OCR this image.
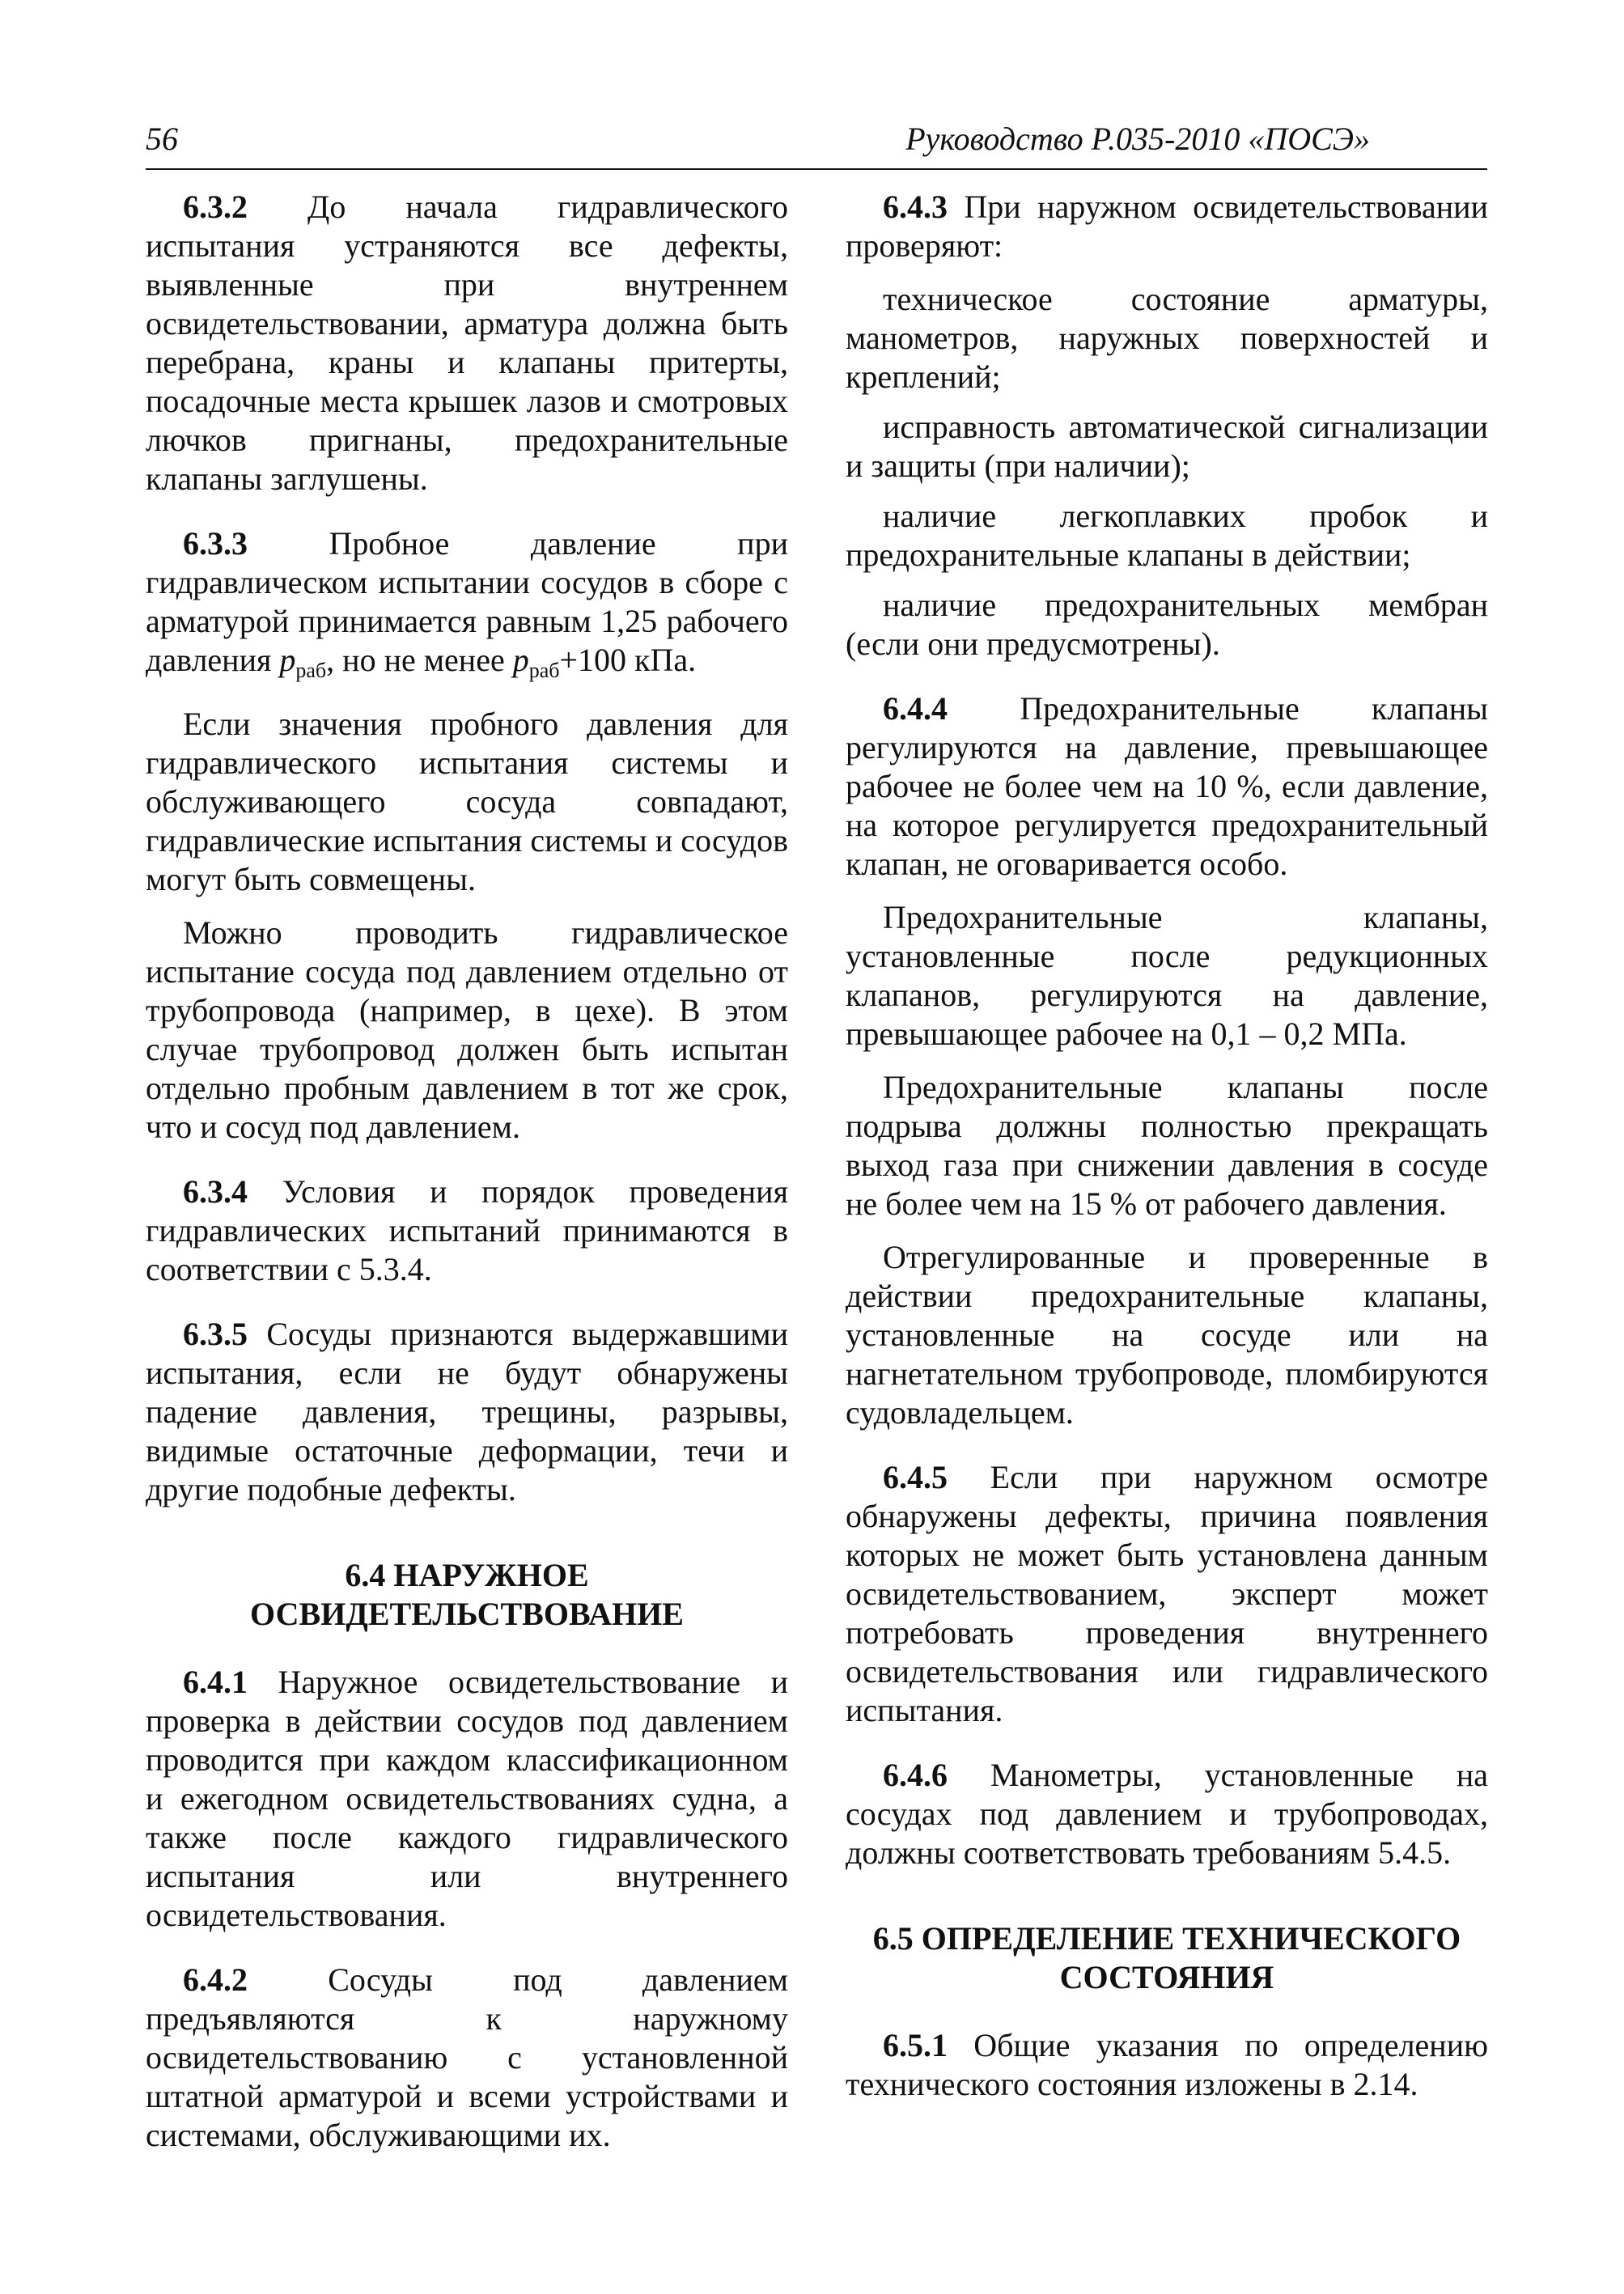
56	Руководство Р.035-2010 «ПОСЭ»

6.3.2 До начала гидравлического испытания устраняются все дефекты, выявленные при внутреннем освидетельствовании, арматура должна быть перебрана, краны и клапаны притерты, посадочные места крышек лазов и смотровых лючков пригнаны, предохранительные клапаны заглушены.

6.3.3 Пробное давление при гидравлическом испытании сосудов в сборе с арматурой принимается равным 1,25 рабочего давления $p_{раб}$, но не менее $p_{раб}+100$ кПа.

Если значения пробного давления для гидравлического испытания системы и обслуживающего сосуда совпадают, гидравлические испытания системы и сосудов могут быть совмещены.

Можно проводить гидравлическое испытание сосуда под давлением отдельно от трубопровода (например, в цехе). В этом случае трубопровод должен быть испытан отдельно пробным давлением в тот же срок, что и сосуд под давлением.

6.3.4 Условия и порядок проведения гидравлических испытаний принимаются в соответствии с 5.3.4.

6.3.5 Сосуды признаются выдержавшими испытания, если не будут обнаружены падение давления, трещины, разрывы, видимые остаточные деформации, течи и другие подобные дефекты.

6.4 НАРУЖНОЕ
ОСВИДЕТЕЛЬСТВОВАНИЕ

6.4.1 Наружное освидетельствование и проверка в действии сосудов под давлением проводится при каждом классификационном и ежегодном освидетельствованиях судна, а также после каждого гидравлического испытания или внутреннего освидетельствования.

6.4.2 Сосуды под давлением предъявляются к наружному освидетельствованию с установленной штатной арматурой и всеми устройствами и системами, обслуживающими их.

6.4.3 При наружном освидетельствовании проверяют:

техническое состояние арматуры, манометров, наружных поверхностей и креплений;

исправность автоматической сигнализации и защиты (при наличии);

наличие легкоплавких пробок и предохранительные клапаны в действии;

наличие предохранительных мембран (если они предусмотрены).

6.4.4 Предохранительные клапаны регулируются на давление, превышающее рабочее не более чем на 10 %, если давление, на которое регулируется предохранительный клапан, не оговаривается особо.

Предохранительные клапаны, установленные после редукционных клапанов, регулируются на давление, превышающее рабочее на 0,1 – 0,2 МПа.

Предохранительные клапаны после подрыва должны полностью прекращать выход газа при снижении давления в сосуде не более чем на 15 % от рабочего давления.

Отрегулированные и проверенные в действии предохранительные клапаны, установленные на сосуде или на нагнетательном трубопроводе, пломбируются судовладельцем.

6.4.5 Если при наружном осмотре обнаружены дефекты, причина появления которых не может быть установлена данным освидетельствованием, эксперт может потребовать проведения внутреннего освидетельствования или гидравлического испытания.

6.4.6 Манометры, установленные на сосудах под давлением и трубопроводах, должны соответствовать требованиям 5.4.5.

6.5 ОПРЕДЕЛЕНИЕ ТЕХНИЧЕСКОГО
СОСТОЯНИЯ

6.5.1 Общие указания по определению технического состояния изложены в 2.14.
